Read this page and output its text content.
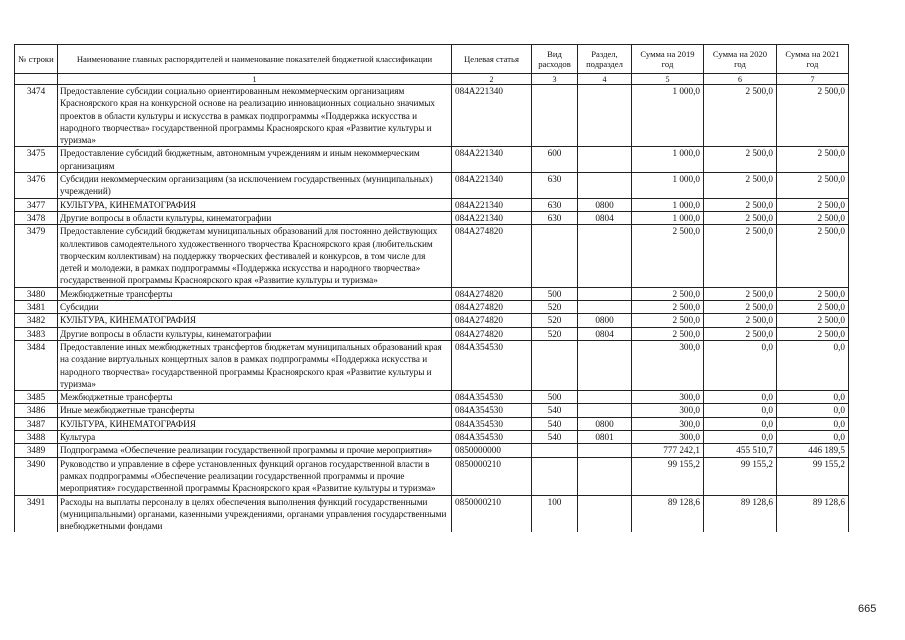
№ строки	Наименование главных распорядителей и наименование показателей бюджетной классификации	Целевая статья	Вид расходов	Раздел, подраздел	Сумма на 2019 год	Сумма на 2020 год	Сумма на 2021 год
	1	2	3	4	5	6	7
3474	Предоставление субсидии социально ориентированным некоммерческим организациям Красноярского края на конкурсной основе на реализацию инновационных социально значимых проектов в области культуры и искусства в рамках подпрограммы «Поддержка искусства и народного творчества» государственной программы Красноярского края «Развитие культуры и туризма»	084А221340			1 000,0	2 500,0	2 500,0
3475	Предоставление субсидий бюджетным, автономным учреждениям и иным некоммерческим организациям	084А221340	600		1 000,0	2 500,0	2 500,0
3476	Субсидии некоммерческим организациям (за исключением государственных (муниципальных) учреждений)	084А221340	630		1 000,0	2 500,0	2 500,0
3477	КУЛЬТУРА, КИНЕМАТОГРАФИЯ	084А221340	630	0800	1 000,0	2 500,0	2 500,0
3478	Другие вопросы в области культуры, кинематографии	084А221340	630	0804	1 000,0	2 500,0	2 500,0
3479	Предоставление субсидий бюджетам муниципальных образований для постоянно действующих коллективов самодеятельного художественного творчества Красноярского края (любительским творческим коллективам) на поддержку творческих фестивалей и конкурсов, в том числе для детей и молодежи, в рамках подпрограммы «Поддержка искусства и народного творчества» государственной программы Красноярского края «Развитие культуры и туризма»	084А274820			2 500,0	2 500,0	2 500,0
3480	Межбюджетные трансферты	084А274820	500		2 500,0	2 500,0	2 500,0
3481	Субсидии	084А274820	520		2 500,0	2 500,0	2 500,0
3482	КУЛЬТУРА, КИНЕМАТОГРАФИЯ	084А274820	520	0800	2 500,0	2 500,0	2 500,0
3483	Другие вопросы в области культуры, кинематографии	084А274820	520	0804	2 500,0	2 500,0	2 500,0
3484	Предоставление иных межбюджетных трансфертов бюджетам муниципальных образований края на создание виртуальных концертных залов в рамках подпрограммы «Поддержка искусства и народного творчества» государственной программы Красноярского края «Развитие культуры и туризма»	084А354530			300,0	0,0	0,0
3485	Межбюджетные трансферты	084А354530	500		300,0	0,0	0,0
3486	Иные межбюджетные трансферты	084А354530	540		300,0	0,0	0,0
3487	КУЛЬТУРА, КИНЕМАТОГРАФИЯ	084А354530	540	0800	300,0	0,0	0,0
3488	Культура	084А354530	540	0801	300,0	0,0	0,0
3489	Подпрограмма «Обеспечение реализации государственной программы и прочие мероприятия»	0850000000			777 242,1	455 510,7	446 189,5
3490	Руководство и управление в сфере установленных функций органов государственной власти в рамках подпрограммы «Обеспечение реализации государственной программы и прочие мероприятия» государственной программы Красноярского края «Развитие культуры и туризма»	0850000210			99 155,2	99 155,2	99 155,2
3491	Расходы на выплаты персоналу в целях обеспечения выполнения функций государственными (муниципальными) органами, казенными учреждениями, органами управления государственными внебюджетными фондами	0850000210	100		89 128,6	89 128,6	89 128,6
665
